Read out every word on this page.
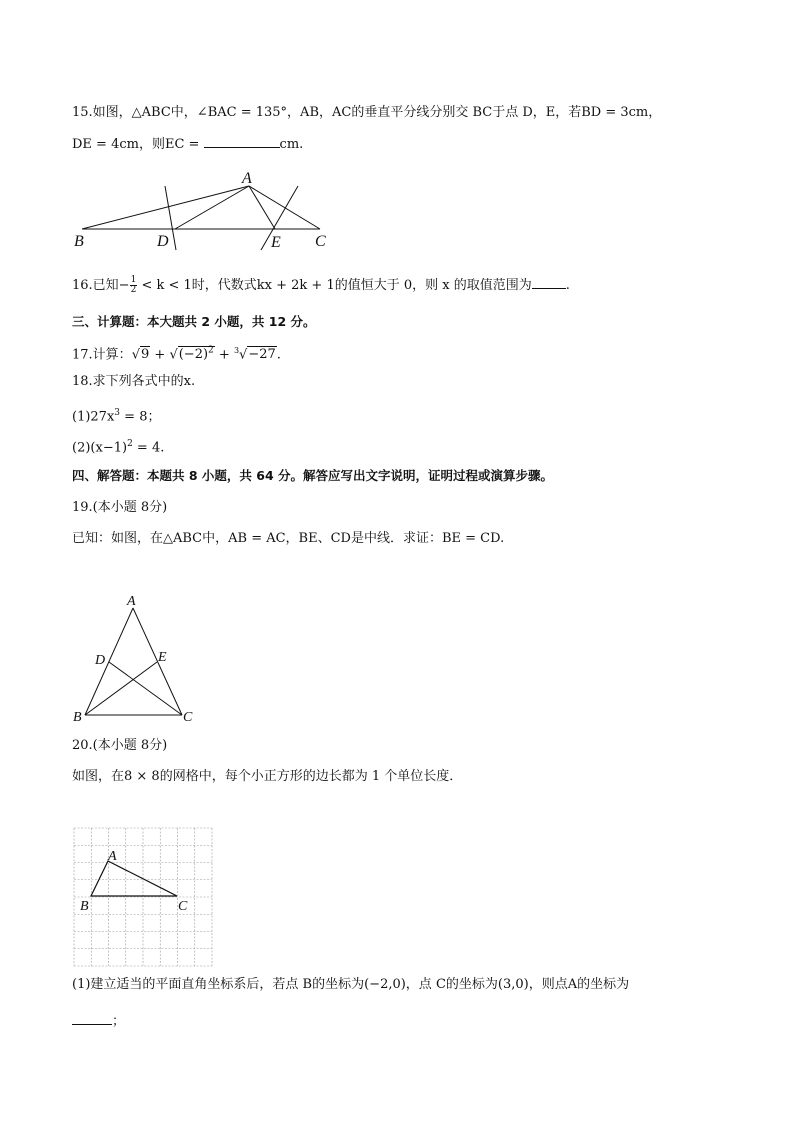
15.如图，△ABC中，∠BAC = 135°，AB，AC的垂直平分线分别交 BC于点 D，E，若BD = 3cm，
DE = 4cm，则EC =	cm.
A
B	D	E C
16.已知− $\frac{1}{2} < k < 1$时，代数式kx + 2k + 1的值恒大于 0，则 x 的取值范围为	.
三、计算题：本大题共 2 小题，共 12 分。
17.计算：$√9 + √(-2)^2 + ^3√-27$.
18.求下列各式中的x.
$(1)27x^3 = 8$；
$(2)(x-1)^2 = 4$.
四、解答题：本题共 8 小题，共 64 分。解答应写出文字说明，证明过程或演算步骤。
19.(本小题 8分)
已知：如图，在△ABC中，AB = AC，BE、CD是中线．求证：BE = CD.
A
B	C
D	E
20.(本小题 8分)
如图，在8 × 8的网格中，每个小正方形的边长都为 1 个单位长度．
A
B	C
(1)建立适当的平面直角坐标系后，若点 B的坐标为(−2,0)，点 C的坐标为(3,0)，则点A的坐标为
；
